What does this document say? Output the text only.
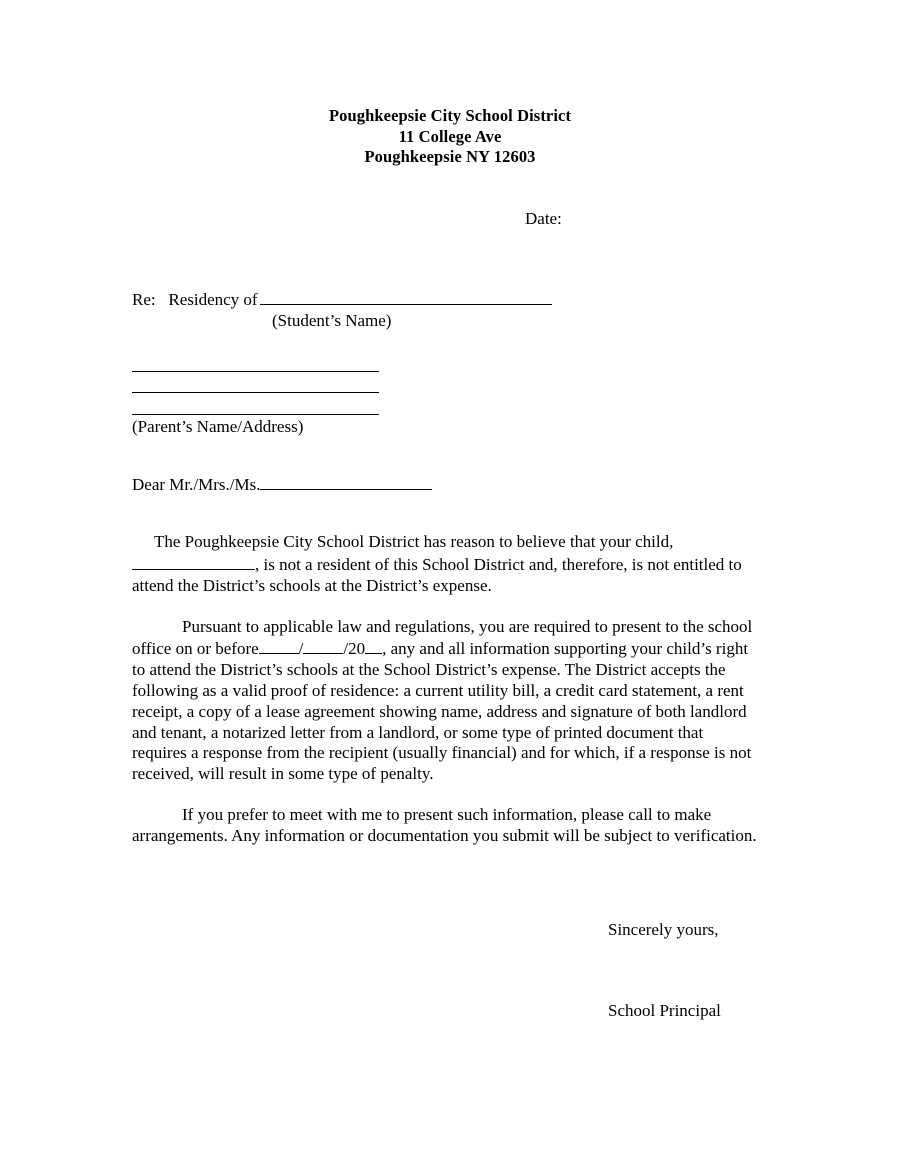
Poughkeepsie City School District
11 College Ave
Poughkeepsie NY 12603
Date:
Re:   Residency of
(Student’s Name)
(Parent’s Name/Address)
Dear Mr./Mrs./Ms.

The Poughkeepsie City School District has reason to believe that your child,
, is not a resident of this School District and, therefore, is not entitled to attend the District’s schools at the District’s expense.

Pursuant to applicable law and regulations, you are required to present to the school office on or before / /20 , any and all information supporting your child’s right to attend the District’s schools at the School District’s expense. The District accepts the following as a valid proof of residence: a current utility bill, a credit card statement, a rent receipt, a copy of a lease agreement showing name, address and signature of both landlord and tenant, a notarized letter from a landlord, or some type of printed document that requires a response from the recipient (usually financial) and for which, if a response is not received, will result in some type of penalty.

If you prefer to meet with me to present such information, please call to make arrangements. Any information or documentation you submit will be subject to verification.

Sincerely yours,
School Principal
